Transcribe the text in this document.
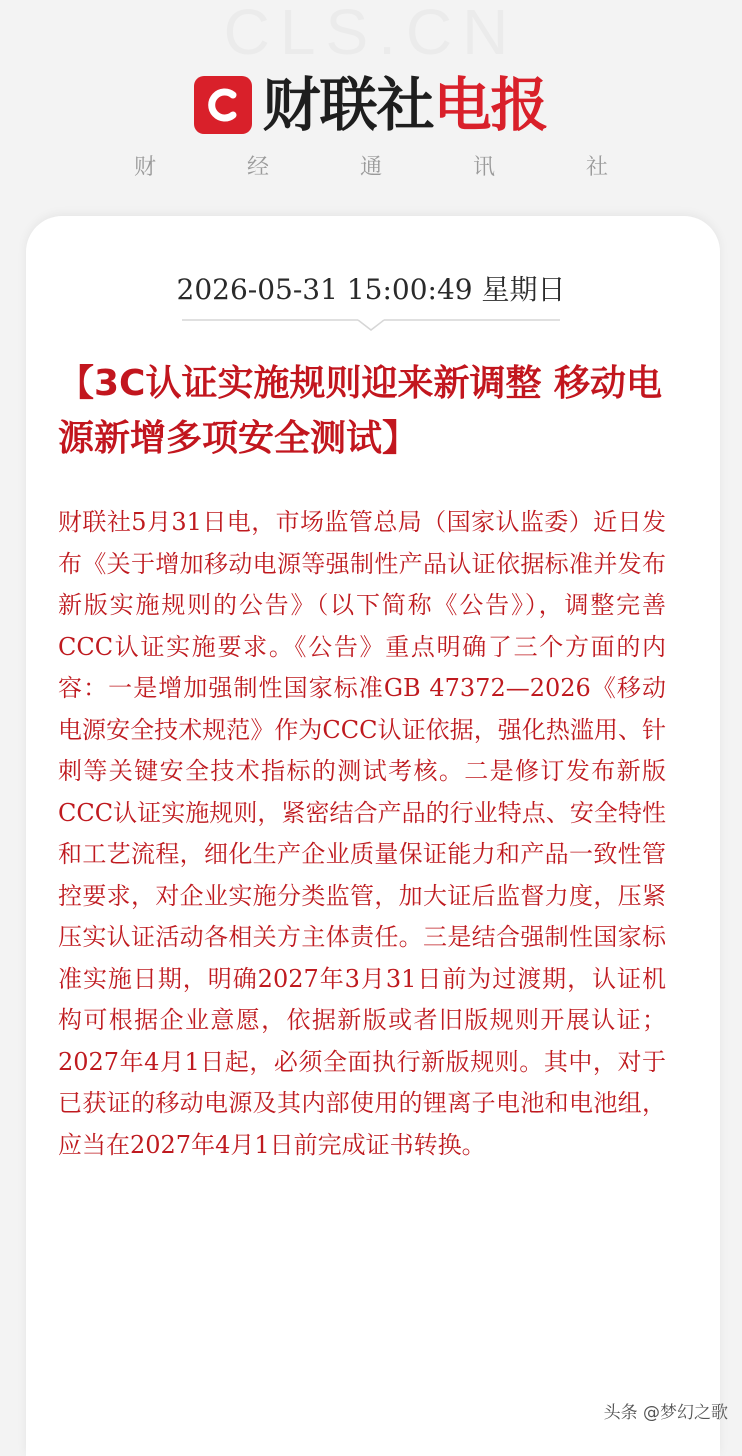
CLS.CN
财联社电报
财 经 通 讯 社
2026-05-31 15:00:49 星期日
【3C认证实施规则迎来新调整 移动电源新增多项安全测试】

财联社5月31日电，市场监管总局（国家认监委）近日发布《关于增加移动电源等强制性产品认证依据标准并发布新版实施规则的公告》（以下简称《公告》），调整完善CCC认证实施要求。《公告》重点明确了三个方面的内容：一是增加强制性国家标准GB 47372—2026《移动电源安全技术规范》作为CCC认证依据，强化热滥用、针刺等关键安全技术指标的测试考核。二是修订发布新版CCC认证实施规则，紧密结合产品的行业特点、安全特性和工艺流程，细化生产企业质量保证能力和产品一致性管控要求，对企业实施分类监管，加大证后监督力度，压紧压实认证活动各相关方主体责任。三是结合强制性国家标准实施日期，明确2027年3月31日前为过渡期，认证机构可根据企业意愿，依据新版或者旧版规则开展认证；2027年4月1日起，必须全面执行新版规则。其中，对于已获证的移动电源及其内部使用的锂离子电池和电池组，应当在2027年4月1日前完成证书转换。

头条 @梦幻之歌
